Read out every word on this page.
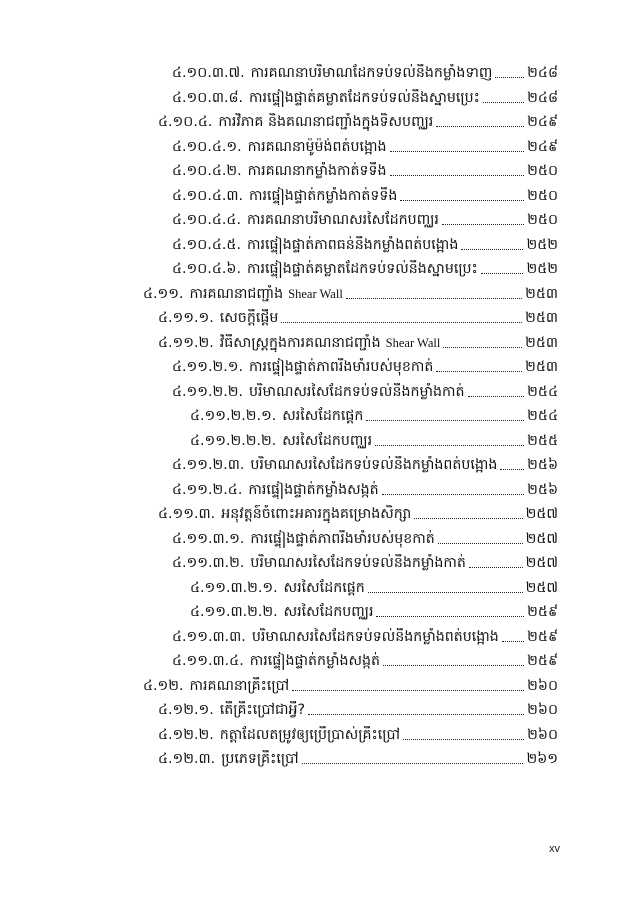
៤.១០.៣.៧. ការគណនាបរិមាណដែកទប់ទល់នឹងកម្លាំងទាញ ២៤៨
៤.១០.៣.៨. ការផ្ទៀងផ្ទាត់គម្លាតដែកទប់ទល់នឹងស្នាមប្រេះ	២៤៨
៤.១០.៤. ការវិភាគ និងគណនាជញ្ជាំងក្នុងទិសបញ្ឈរ	២៤៩
៤.១០.៤.១. ការគណនាម៉ូម៉ង់ពត់បង្អោង	២៤៩
៤.១០.៤.២. ការគណនាកម្លាំងកាត់ទទឹង	២៥០
៤.១០.៤.៣. ការផ្ទៀងផ្ទាត់កម្លាំងកាត់ទទឹង	២៥០
៤.១០.៤.៤. ការគណនាបរិមាណសរសៃដែកបញ្ឈរ	២៥០
៤.១០.៤.៥. ការផ្ទៀងផ្ទាត់ភាពធន់នឹងកម្លាំងពត់បង្អោង	២៥២
៤.១០.៤.៦. ការផ្ទៀងផ្ទាត់គម្លាតដែកទប់ទល់នឹងស្នាមប្រេះ	២៥២
៤.១១. ការគណនាជញ្ជាំង Shear Wall	២៥៣
៤.១១.១. សេចក្តីផ្តើម	២៥៣
៤.១១.២. វិធីសាស្ត្រក្នុងការគណនាជញ្ជាំង Shear Wall	២៥៣
៤.១១.២.១. ការផ្ទៀងផ្ទាត់ភាពរឹងមាំរបស់មុខកាត់	២៥៣
៤.១១.២.២. បរិមាណសរសៃដែកទប់ទល់នឹងកម្លាំងកាត់	២៥៤
៤.១១.២.២.១. សរសៃដែកផ្តេក	២៥៤
៤.១១.២.២.២. សរសៃដែកបញ្ឈរ	២៥៥
៤.១១.២.៣. បរិមាណសរសៃដែកទប់ទល់នឹងកម្លាំងពត់បង្អោង ២៥៦
៤.១១.២.៤. ការផ្ទៀងផ្ទាត់កម្លាំងសង្កត់	២៥៦
៤.១១.៣. អនុវត្តន៍ចំពោះអគារក្នុងគម្រោងសិក្សា	២៥៧
៤.១១.៣.១. ការផ្ទៀងផ្ទាត់ភាពរឹងមាំរបស់មុខកាត់	២៥៧
៤.១១.៣.២. បរិមាណសរសៃដែកទប់ទល់នឹងកម្លាំងកាត់	២៥៧
៤.១១.៣.២.១. សរសៃដែកផ្តេក	២៥៧
៤.១១.៣.២.២. សរសៃដែកបញ្ឈរ	២៥៩
៤.១១.៣.៣. បរិមាណសរសៃដែកទប់ទល់នឹងកម្លាំងពត់បង្អោង ២៥៩
៤.១១.៣.៤. ការផ្ទៀងផ្ទាត់កម្លាំងសង្កត់	២៥៩
៤.១២. ការគណនាគ្រឹះប្រៅ	២៦០
៤.១២.១. តើគ្រឹះប្រៅជាអ្វី?	២៦០
៤.១២.២. កត្តាដែលតម្រូវឲ្យប្រើប្រាស់គ្រឹះប្រៅ	២៦០
៤.១២.៣. ប្រភេទគ្រឹះប្រៅ	២៦១
xv
